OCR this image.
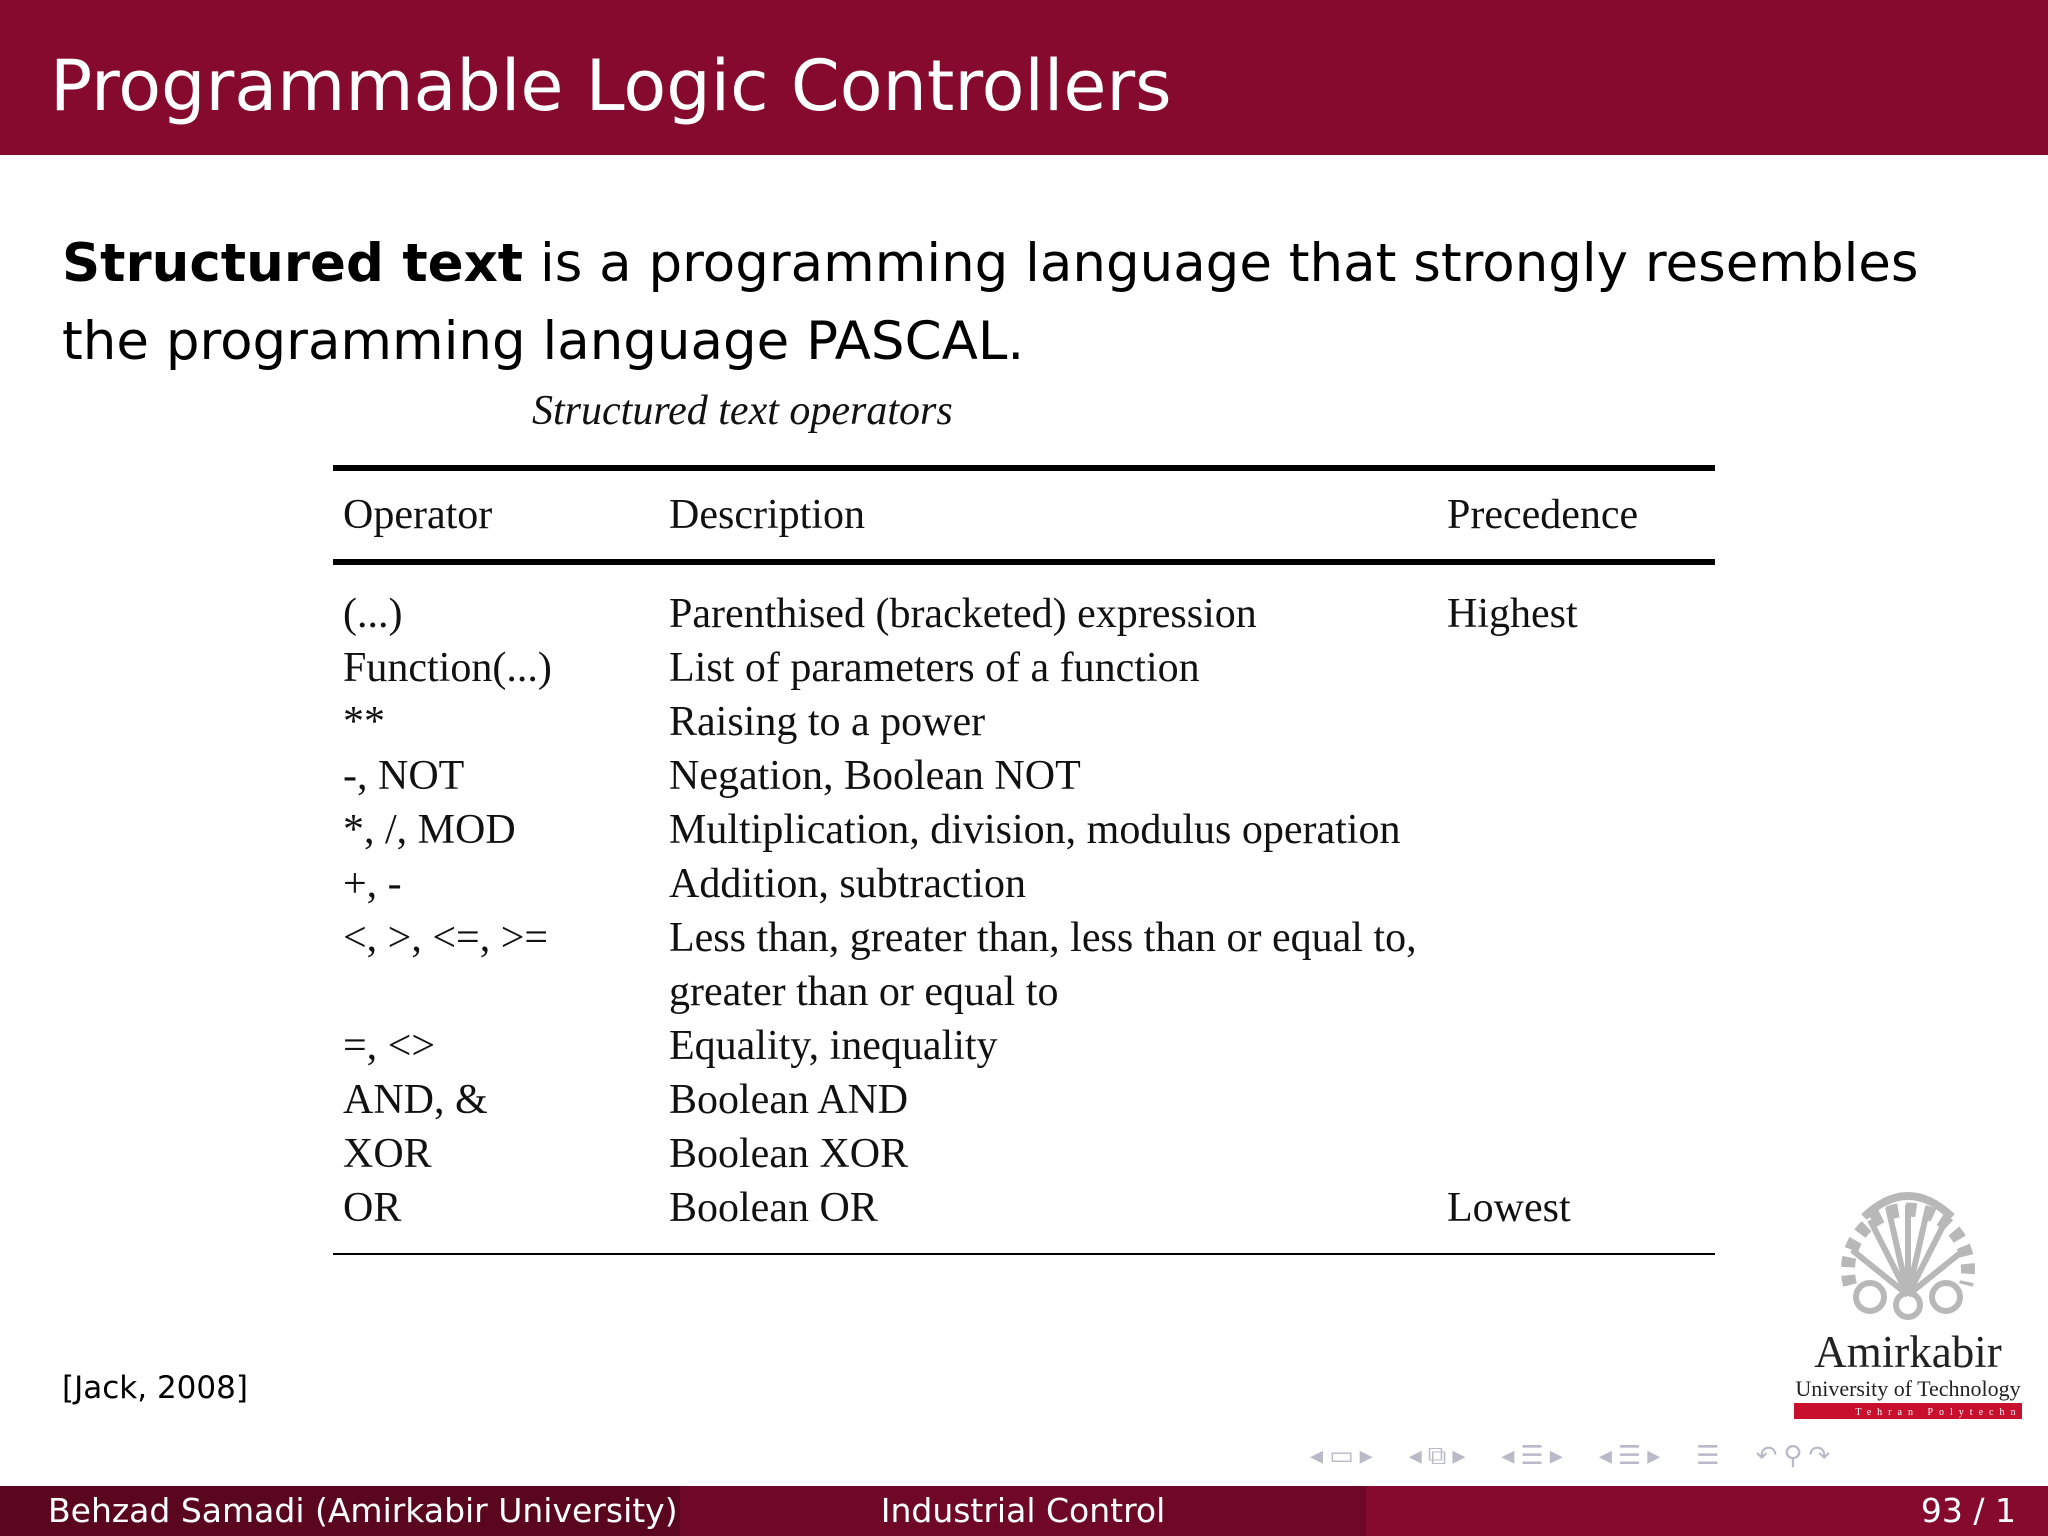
Programmable Logic Controllers

Structured text is a programming language that strongly resembles the programming language PASCAL.

Structured text operators
Operator	Description	Precedence
(...)	Parenthised (bracketed) expression	Highest
Function(...)	List of parameters of a function	
**	Raising to a power	
-, NOT	Negation, Boolean NOT	
*, /, MOD	Multiplication, division, modulus operation	
+, -	Addition, subtraction	
<, >, <=, >=	Less than, greater than, less than or equal to, greater than or equal to	
=, <>	Equality, inequality	
AND, &	Boolean AND	
XOR	Boolean XOR	
OR	Boolean OR	Lowest
[Jack, 2008]
Amirkabir
University of Technology
Tehran Polytechnic
◂ ▭ ▸ ◂ ⧉ ▸ ◂ ☰ ▸ ◂ ☰ ▸ ☰ ↶ ⚲ ↷
Behzad Samadi (Amirkabir University)	Industrial Control	93 / 1
